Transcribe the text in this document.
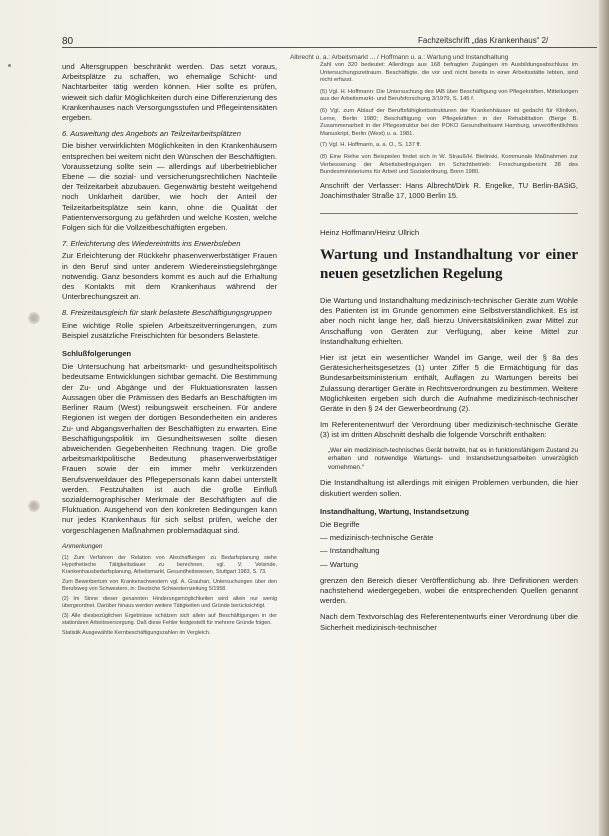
80	Fachzeitschrift „das Krankenhaus“ 2/
Albrecht u. a.: Arbeitsmarkt ... / Hoffmann u. a.: Wartung und Instandhaltung

und Altersgruppen beschränkt werden. Das setzt voraus, Arbeitsplätze zu schaffen, wo ehemalige Schicht- und Nachtarbeiter tätig werden können. Hier sollte es prüfen, wieweit sich dafür Möglichkeiten durch eine Differenzierung des Krankenhauses nach Versorgungsstufen und Pflegeintensitäten ergeben.

6. Ausweitung des Angebots an Teilzeitarbeitsplätzen

Die bisher verwirklichten Möglichkeiten in den Krankenhäusern entsprechen bei weitem nicht den Wünschen der Beschäftigten. Voraussetzung sollte sein — allerdings auf überbetrieblicher Ebene — die sozial- und versicherungsrechtlichen Nachteile der Teilzeitarbeit abzubauen. Gegenwärtig besteht weitgehend noch Unklarheit darüber, wie hoch der Anteil der Teilzeitarbeitsplätze sein kann, ohne die Qualität der Patientenversorgung zu gefährden und welche Kosten, welche Folgen sich für die Vollzeitbeschäftigten ergeben.

7. Erleichterung des Wiedereintritts ins Erwerbsleben

Zur Erleichterung der Rückkehr phasenverwerbstätiger Frauen in den Beruf sind unter anderem Wiedereinstiegslehrgänge notwendig. Ganz besonders kommt es auch auf die Erhaltung des Kontakts mit dem Krankenhaus während der Unterbrechungszeit an.

8. Freizeitausgleich für stark belastete Beschäftigungsgruppen

Eine wichtige Rolle spielen Arbeitszeitverringerungen, zum Beispiel zusätzliche Freischichten für besonders Belastete.

Schlußfolgerungen

Die Untersuchung hat arbeitsmarkt- und gesundheitspolitisch bedeutsame Entwicklungen sichtbar gemacht. Die Bestimmung der Zu- und Abgänge und der Fluktuationsraten lassen Aussagen über die Prämissen des Bedarfs an Beschäftigten im Berliner Raum (West) reibungsweit erscheinen. Für andere Regionen ist wegen der dortigen Besonderheiten ein anderes Zu- und Abgangsverhalten der Beschäftigten zu erwarten. Eine Beschäftigungspolitik im Gesundheitswesen sollte diesen abweichenden Gegebenheiten Rechnung tragen. Die große arbeitsmarktpolitische Bedeutung phasenverwerbstätiger Frauen sowie der ein immer mehr verkürzenden Berufsverweildauer des Pflegepersonals kann dabei unterstellt werden. Festzuhalten ist auch die große Einfluß sozialdemographischer Merkmale der Beschäftigten auf die Fluktuation. Ausgehend von den konkreten Bedingungen kann nur jedes Krankenhaus für sich selbst prüfen, welche der vorgeschlagenen Maßnahmen problemadäquat sind.

Anmerkungen

(1) Zum Verfahren der Relation von Abschaffungen zu Bedarfsplanung siehe Hypothetische Tätigkeitsdauer zu berechnen, vgl. V. Velsinde, Krankenhausbedarfsplanung, Arbeitsmarkt, Gesundheitswesen, Stuttgart 1983, S. 73.

Zum Bewerbertum von Krankenschwestern vgl. A. Grauhan, Untersuchungen über den Berufsweg von Schwestern, in: Deutsche Schwesternzeitung 5/1958.

(2) Im Sinne dieser genannten Hinderungsmöglichkeiten wird allein nur wenig übergeordnet. Darüber hinaus werden weitere Tätigkeiten und Gründe berücksichtigt.

(3) Alle diesbezüglichen Ergebnisse schätzen sich allein auf Beschäftigungen in der stationären Arbeitsversorgung. Daß diese Fehler festgestellt für mehrere Gründe folgen.

Statistik Ausgewählte Kernbeschäftigungszahlen im Vergleich.

Zahl von 320 bedeutet: Allerdings aus 168 befragten Zugängen im Ausbildungsabschluss im Untersuchungszeitraum. Beschäftigte, die vor und nicht bereits in einer Arbeitsstätte lebten, sind nicht erfasst.

(5) Vgl. H. Hoffmann: Die Untersuchung des IAB über Beschäftigung von Pflegekräften, Mitteilungen aus der Arbeitsmarkt- und Berufsforschung 3/1979, S. 145 f.

(6) Vgl. zum Ablauf der Beruftsfähigkeitsstrukturen der Krankenhäuser ist gedacht für Kliniken, Lerne, Berlin 1980; Beschäftigung von Pflegekräften in der Rehabilitation (Berge B. Zusammenarbeit in der Pflegestruktur bei der POKO Gesundheitsamt Hamburg, unveröffentlichtes Manuskript, Berlin (West) u. a. 1981.

(7) Vgl. H. Hoffmann, a. a. O., S. 137 ff.

(8) Eine Reihe von Beispielen findet sich in W. Strauß/H. Bielinski, Kommunale Maßnahmen zur Verbesserung der Arbeitsbedingungen im Schichtbetrieb: Forschungsbericht 38 des Bundesministeriums für Arbeit und Sozialordnung, Bonn 1980.

Anschrift der Verfasser: Hans Albrecht/Dirk R. Engelke, TU Berlin-BASiG, Joachimsthaler Straße 17, 1000 Berlin 15.
Heinz Hoffmann/Heinz Ullrich
Wartung und Instandhaltung vor einer neuen gesetzlichen Regelung

Die Wartung und Instandhaltung medizinisch-technischer Geräte zum Wohle des Patienten ist im Grunde genommen eine Selbstverständlichkeit. Es ist aber noch nicht lange her, daß hierzu Universitätskliniken zwar Mittel zur Anschaffung von Geräten zur Verfügung, aber keine Mittel zur Instandhaltung erhielten.

Hier ist jetzt ein wesentlicher Wandel im Gange, weil der § 8a des Gerätesicherheitsgesetzes (1) unter Ziffer 5 die Ermächtigung für das Bundesarbeitsministerium enthält, Auflagen zu Wartungen bereits bei Zulassung derartiger Geräte in Rechtsverordnungen zu bestimmen. Weitere Möglichkeiten ergeben sich durch die Aufnahme medizinisch-technischer Geräte in den § 24 der Gewerbeordnung (2).

Im Referentenentwurf der Verordnung über medizinisch-technische Geräte (3) ist im dritten Abschnitt deshalb die folgende Vorschrift enthalten:

„Wer ein medizinisch-technisches Gerät betreibt, hat es in funktionsfähigem Zustand zu erhalten und notwendige Wartungs- und Instandsetzungsarbeiten unverzüglich vornehmen.“

Die Instandhaltung ist allerdings mit einigen Problemen verbunden, die hier diskutiert werden sollen.

Instandhaltung, Wartung, Instandsetzung
Die Begriffe
— medizinisch-technische Geräte
— Instandhaltung
— Wartung

grenzen den Bereich dieser Veröffentlichung ab. Ihre Definitionen werden nachstehend wiedergegeben, wobei die entsprechenden Quellen genannt werden.

Nach dem Textvorschlag des Referentenentwurfs einer Verordnung über die Sicherheit medizinisch-technischer
